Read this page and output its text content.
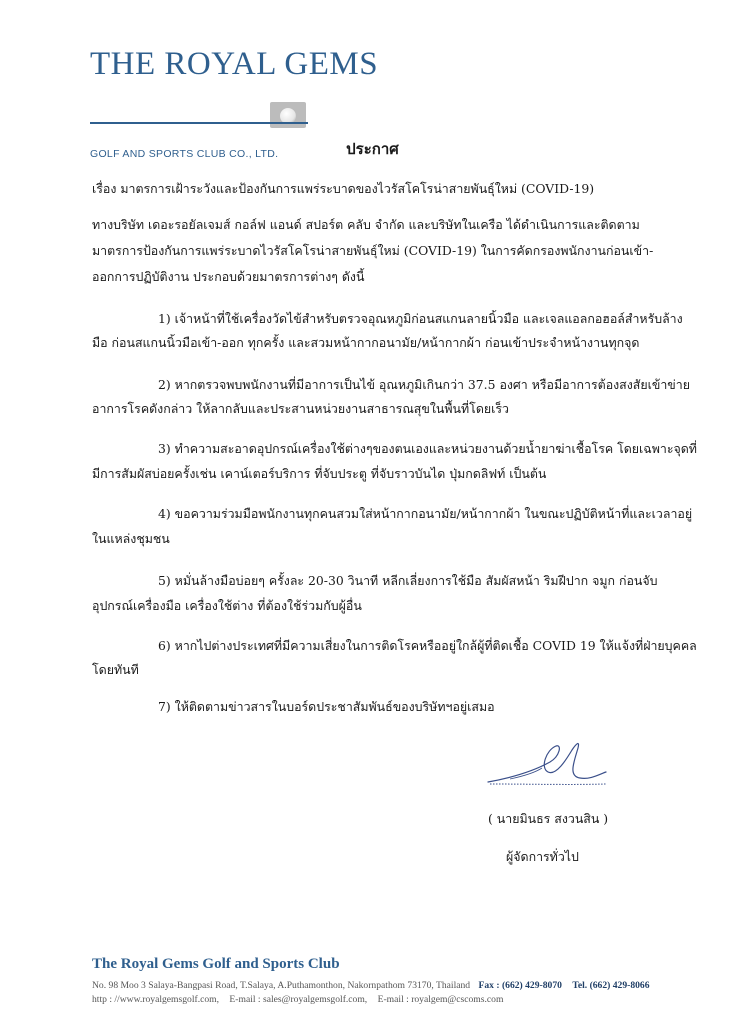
THE ROYAL GEMS
GOLF AND SPORTS CLUB CO., LTD.	ประกาศ
เรื่อง มาตรการเฝ้าระวังและป้องกันการแพร่ระบาดของไวรัสโคโรน่าสายพันธุ์ใหม่ (COVID-19)
ทางบริษัท เดอะรอยัลเจมส์ กอล์ฟ แอนด์ สปอร์ต คลับ จำกัด และบริษัทในเครือ ได้ดำเนินการและติดตาม
มาตรการป้องกันการแพร่ระบาดไวรัสโคโรน่าสายพันธุ์ใหม่ (COVID-19) ในการคัดกรองพนักงานก่อนเข้า-
ออกการปฏิบัติงาน ประกอบด้วยมาตรการต่างๆ ดังนี้
1) เจ้าหน้าที่ใช้เครื่องวัดไข้สำหรับตรวจอุณหภูมิก่อนสแกนลายนิ้วมือ และเจลแอลกอฮอล์สำหรับล้าง
มือ ก่อนสแกนนิ้วมือเข้า-ออก ทุกครั้ง และสวมหน้ากากอนามัย/หน้ากากผ้า ก่อนเข้าประจำหน้างานทุกจุด
2) หากตรวจพบพนักงานที่มีอาการเป็นไข้ อุณหภูมิเกินกว่า 37.5 องศา หรือมีอาการต้องสงสัยเข้าข่าย
อาการโรคดังกล่าว ให้ลากลับและประสานหน่วยงานสาธารณสุขในพื้นที่โดยเร็ว
3) ทำความสะอาดอุปกรณ์เครื่องใช้ต่างๆของตนเองและหน่วยงานด้วยน้ำยาฆ่าเชื้อโรค โดยเฉพาะจุดที่
มีการสัมผัสบ่อยครั้งเช่น เคาน์เตอร์บริการ ที่จับประตู ที่จับราวบันได ปุ่มกดลิฟท์ เป็นต้น
4) ขอความร่วมมือพนักงานทุกคนสวมใส่หน้ากากอนามัย/หน้ากากผ้า ในขณะปฏิบัติหน้าที่และเวลาอยู่
ในแหล่งชุมชน
5) หมั่นล้างมือบ่อยๆ ครั้งละ 20-30 วินาที หลีกเลี่ยงการใช้มือ สัมผัสหน้า ริมฝีปาก จมูก ก่อนจับ
อุปกรณ์เครื่องมือ เครื่องใช้ต่าง ที่ต้องใช้ร่วมกับผู้อื่น
6) หากไปต่างประเทศที่มีความเสี่ยงในการติดโรคหรืออยู่ใกล้ผู้ที่ติดเชื้อ COVID 19 ให้แจ้งที่ฝ่ายบุคคล
โดยทันที
7) ให้ติดตามข่าวสารในบอร์ดประชาสัมพันธ์ของบริษัทฯอยู่เสมอ
( นายมินธร สงวนสิน )
ผู้จัดการทั่วไป
The Royal Gems Golf and Sports Club
No. 98 Moo 3 Salaya-Bangpasi Road, T.Salaya, A.Puthamonthon, Nakornpathom 73170, Thailand Fax : (662) 429-8070 Tel. (662) 429-8066
http : //www.royalgemsgolf.com, E-mail : sales@royalgemsgolf.com, E-mail : royalgem@cscoms.com
